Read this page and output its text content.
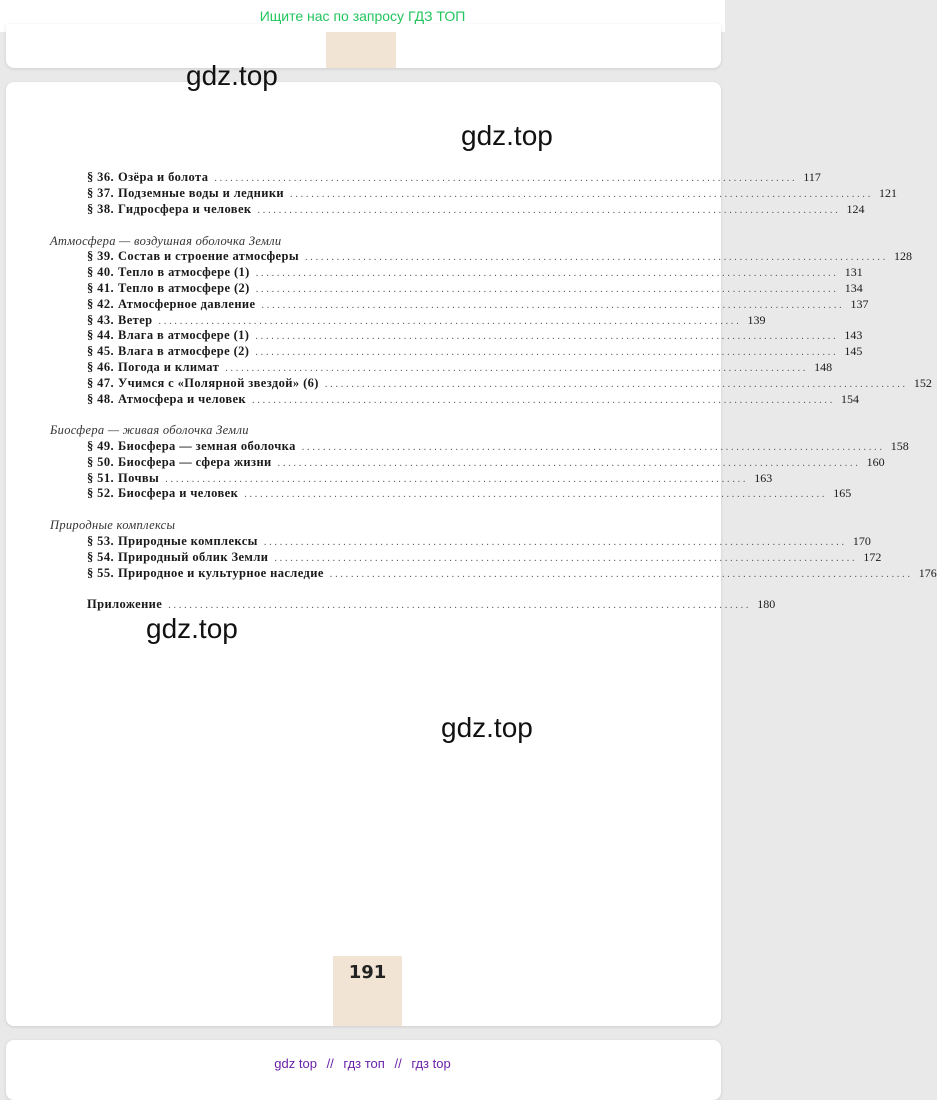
Ищите нас по запросу ГДЗ ТОП
gdz.top
gdz.top
gdz.top
gdz.top
§ 36. Озёра и болота .............................................................................................................. 117
§ 37. Подземные воды и ледники .............................................................................................................. 121
§ 38. Гидросфера и человек .............................................................................................................. 124
Атмосфера — воздушная оболочка Земли
§ 39. Состав и строение атмосферы .............................................................................................................. 128
§ 40. Тепло в атмосфере (1) .............................................................................................................. 131
§ 41. Тепло в атмосфере (2) .............................................................................................................. 134
§ 42. Атмосферное давление .............................................................................................................. 137
§ 43. Ветер .............................................................................................................. 139
§ 44. Влага в атмосфере (1) .............................................................................................................. 143
§ 45. Влага в атмосфере (2) .............................................................................................................. 145
§ 46. Погода и климат .............................................................................................................. 148
§ 47. Учимся с «Полярной звездой» (6) .............................................................................................................. 152
§ 48. Атмосфера и человек .............................................................................................................. 154
Биосфера — живая оболочка Земли
§ 49. Биосфера — земная оболочка .............................................................................................................. 158
§ 50. Биосфера — сфера жизни .............................................................................................................. 160
§ 51. Почвы .............................................................................................................. 163
§ 52. Биосфера и человек .............................................................................................................. 165
Природные комплексы
§ 53. Природные комплексы .............................................................................................................. 170
§ 54. Природный облик Земли .............................................................................................................. 172
§ 55. Природное и культурное наследие .............................................................................................................. 176
Приложение .............................................................................................................. 180
191
gdz top // гдз топ // гдз top
